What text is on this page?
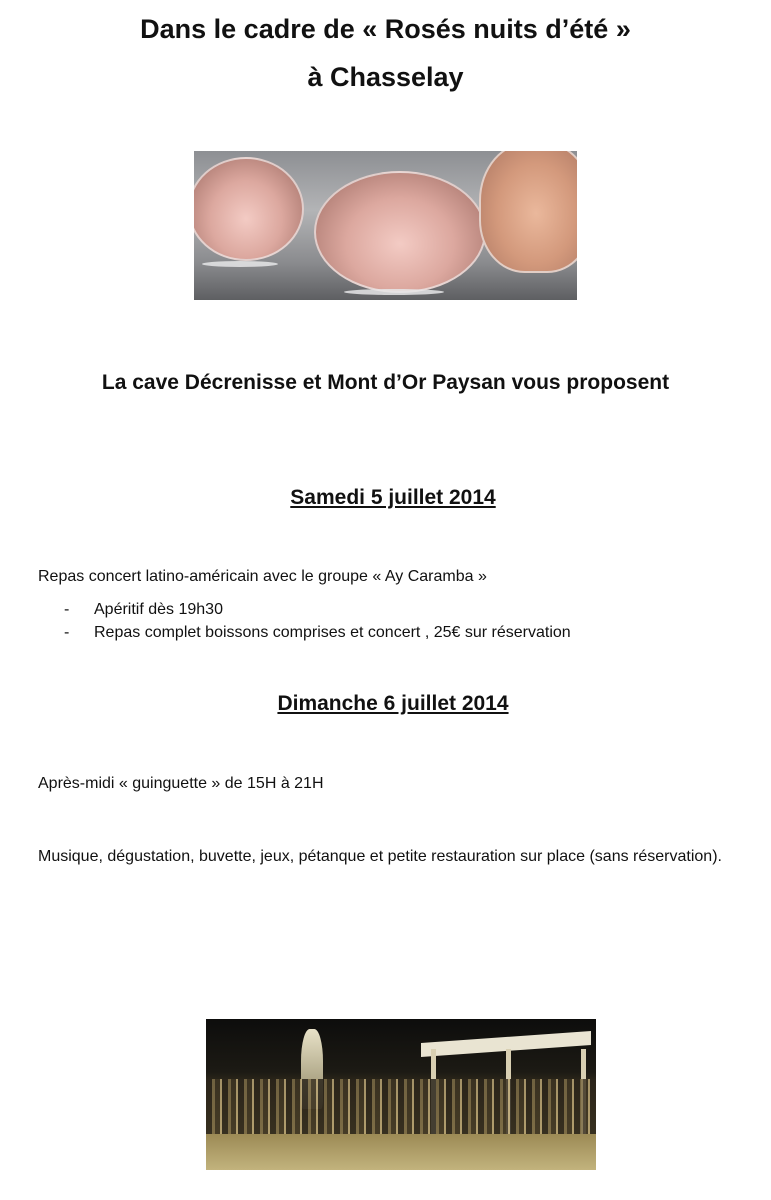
Dans le cadre de « Rosés nuits d’été »
à Chasselay
La cave Décrenisse et Mont d’Or Paysan vous proposent
Samedi 5 juillet 2014
Repas concert latino-américain avec le groupe « Ay Caramba »
- Apéritif dès 19h30
- Repas complet boissons comprises et concert , 25€ sur réservation
Dimanche 6 juillet 2014
Après-midi « guinguette » de 15H à 21H
Musique, dégustation, buvette, jeux, pétanque et petite restauration sur place (sans réservation).
